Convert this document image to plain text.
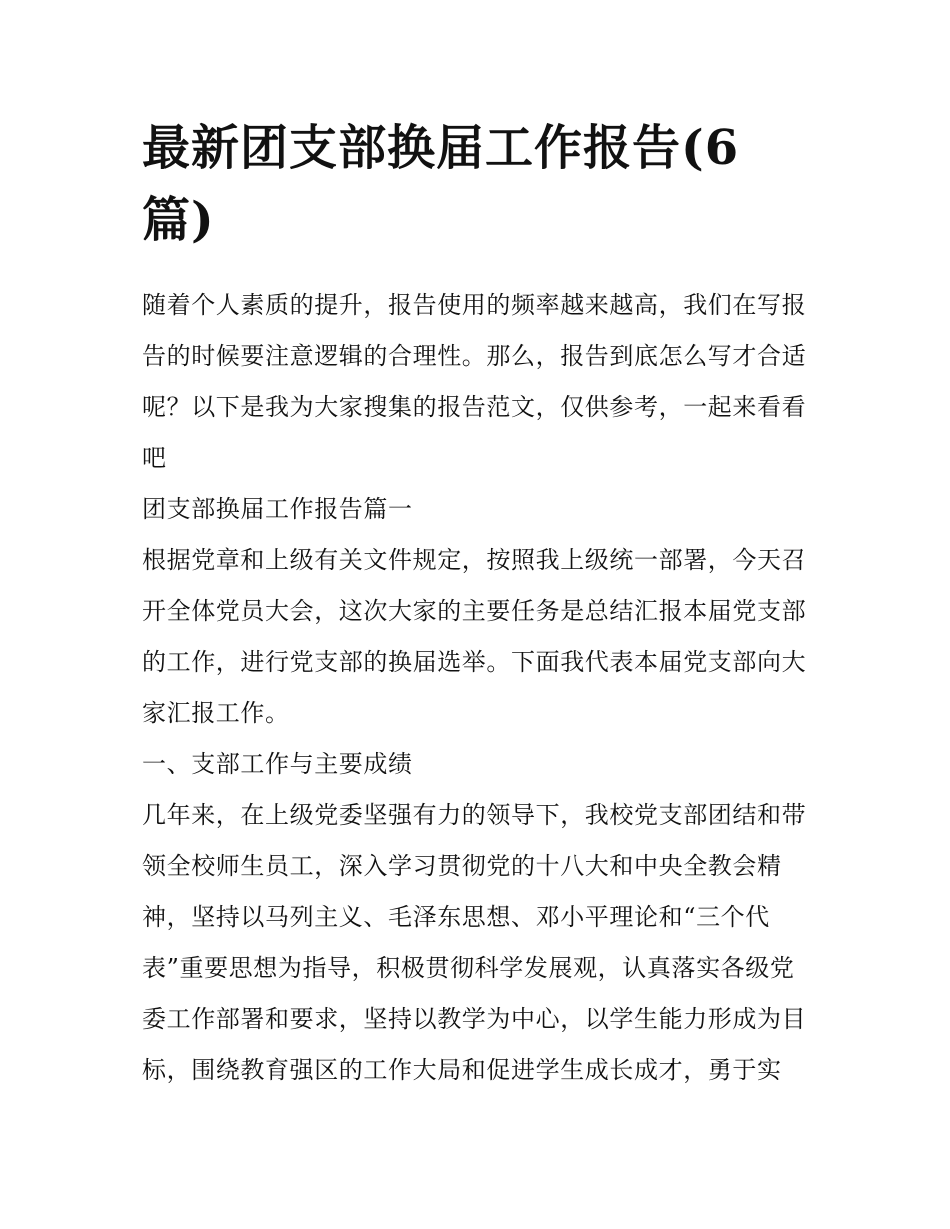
最新团支部换届工作报告(6
篇)

随着个人素质的提升，报告使用的频率越来越高，我们在写报告的时候要注意逻辑的合理性。那么，报告到底怎么写才合适呢？以下是我为大家搜集的报告范文，仅供参考，一起来看看吧

团支部换届工作报告篇一

根据党章和上级有关文件规定，按照我上级统一部署，今天召开全体党员大会，这次大家的主要任务是总结汇报本届党支部的工作，进行党支部的换届选举。下面我代表本届党支部向大家汇报工作。

一、支部工作与主要成绩

几年来，在上级党委坚强有力的领导下，我校党支部团结和带领全校师生员工，深入学习贯彻党的十八大和中央全教会精神，坚持以马列主义、毛泽东思想、邓小平理论和“三个代表”重要思想为指导，积极贯彻科学发展观，认真落实各级党委工作部署和要求，坚持以教学为中心，以学生能力形成为目标，围绕教育强区的工作大局和促进学生成长成才，勇于实
